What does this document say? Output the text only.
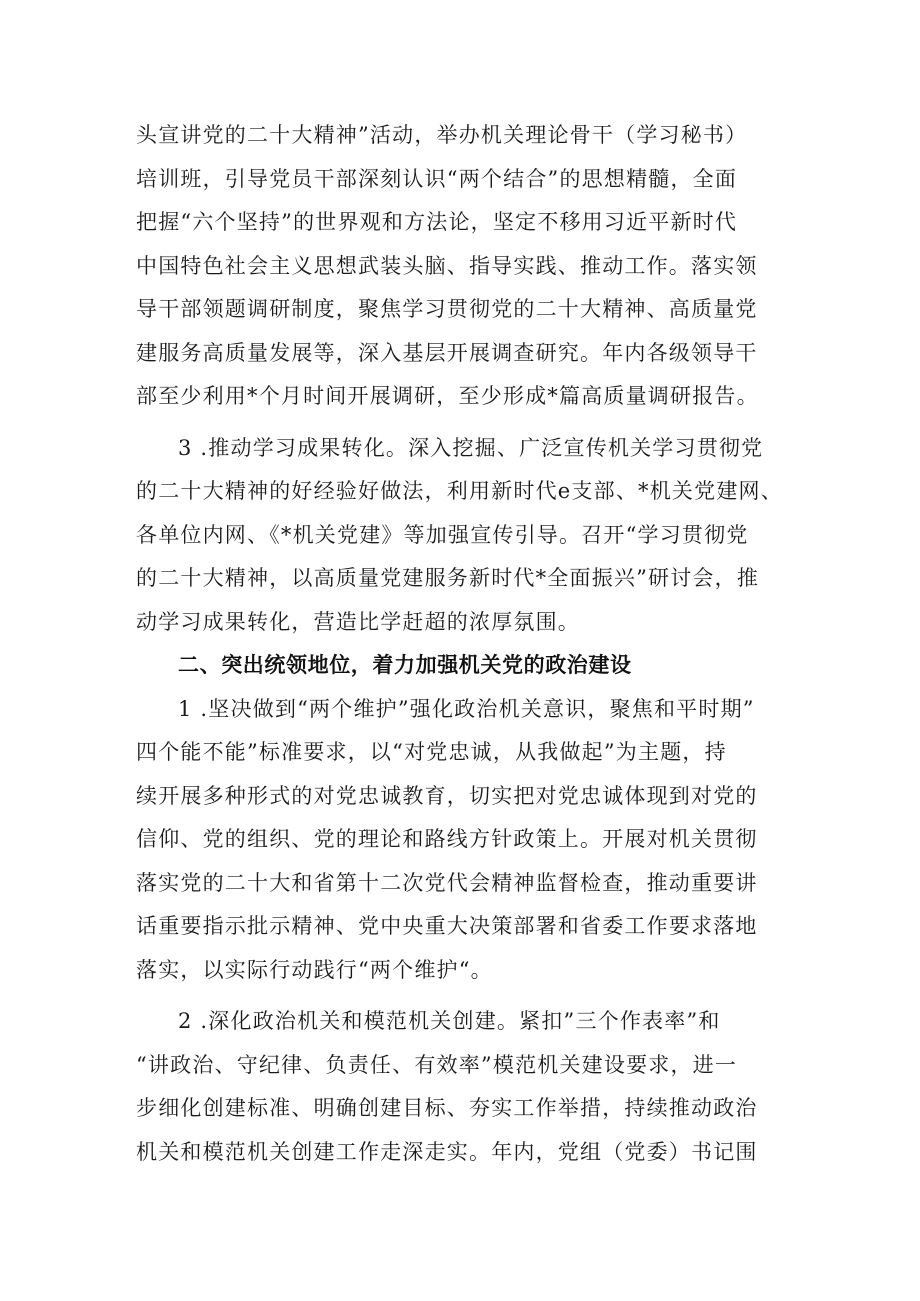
头宣讲党的二十大精神”活动，举办机关理论骨干（学习秘书）
培训班，引导党员干部深刻认识“两个结合”的思想精髓，全面
把握“六个坚持”的世界观和方法论，坚定不移用习近平新时代
中国特色社会主义思想武装头脑、指导实践、推动工作。落实领
导干部领题调研制度，聚焦学习贯彻党的二十大精神、高质量党
建服务高质量发展等，深入基层开展调查研究。年内各级领导干
部至少利用*个月时间开展调研，至少形成*篇高质量调研报告。

3 .推动学习成果转化。深入挖掘、广泛宣传机关学习贯彻党
的二十大精神的好经验好做法，利用新时代e支部、*机关党建网、
各单位内网、《*机关党建》等加强宣传引导。召开“学习贯彻党
的二十大精神，以高质量党建服务新时代*全面振兴”研讨会，推
动学习成果转化，营造比学赶超的浓厚氛围。

二、突出统领地位，着力加强机关党的政治建设

1 .坚决做到“两个维护”强化政治机关意识，聚焦和平时期”
四个能不能”标准要求，以“对党忠诚，从我做起”为主题，持
续开展多种形式的对党忠诚教育，切实把对党忠诚体现到对党的
信仰、党的组织、党的理论和路线方针政策上。开展对机关贯彻
落实党的二十大和省第十二次党代会精神监督检查，推动重要讲
话重要指示批示精神、党中央重大决策部署和省委工作要求落地
落实，以实际行动践行“两个维护“。

2 .深化政治机关和模范机关创建。紧扣”三个作表率”和
“讲政治、守纪律、负责任、有效率”模范机关建设要求，进一
步细化创建标准、明确创建目标、夯实工作举措，持续推动政治
机关和模范机关创建工作走深走实。年内，党组（党委）书记围
